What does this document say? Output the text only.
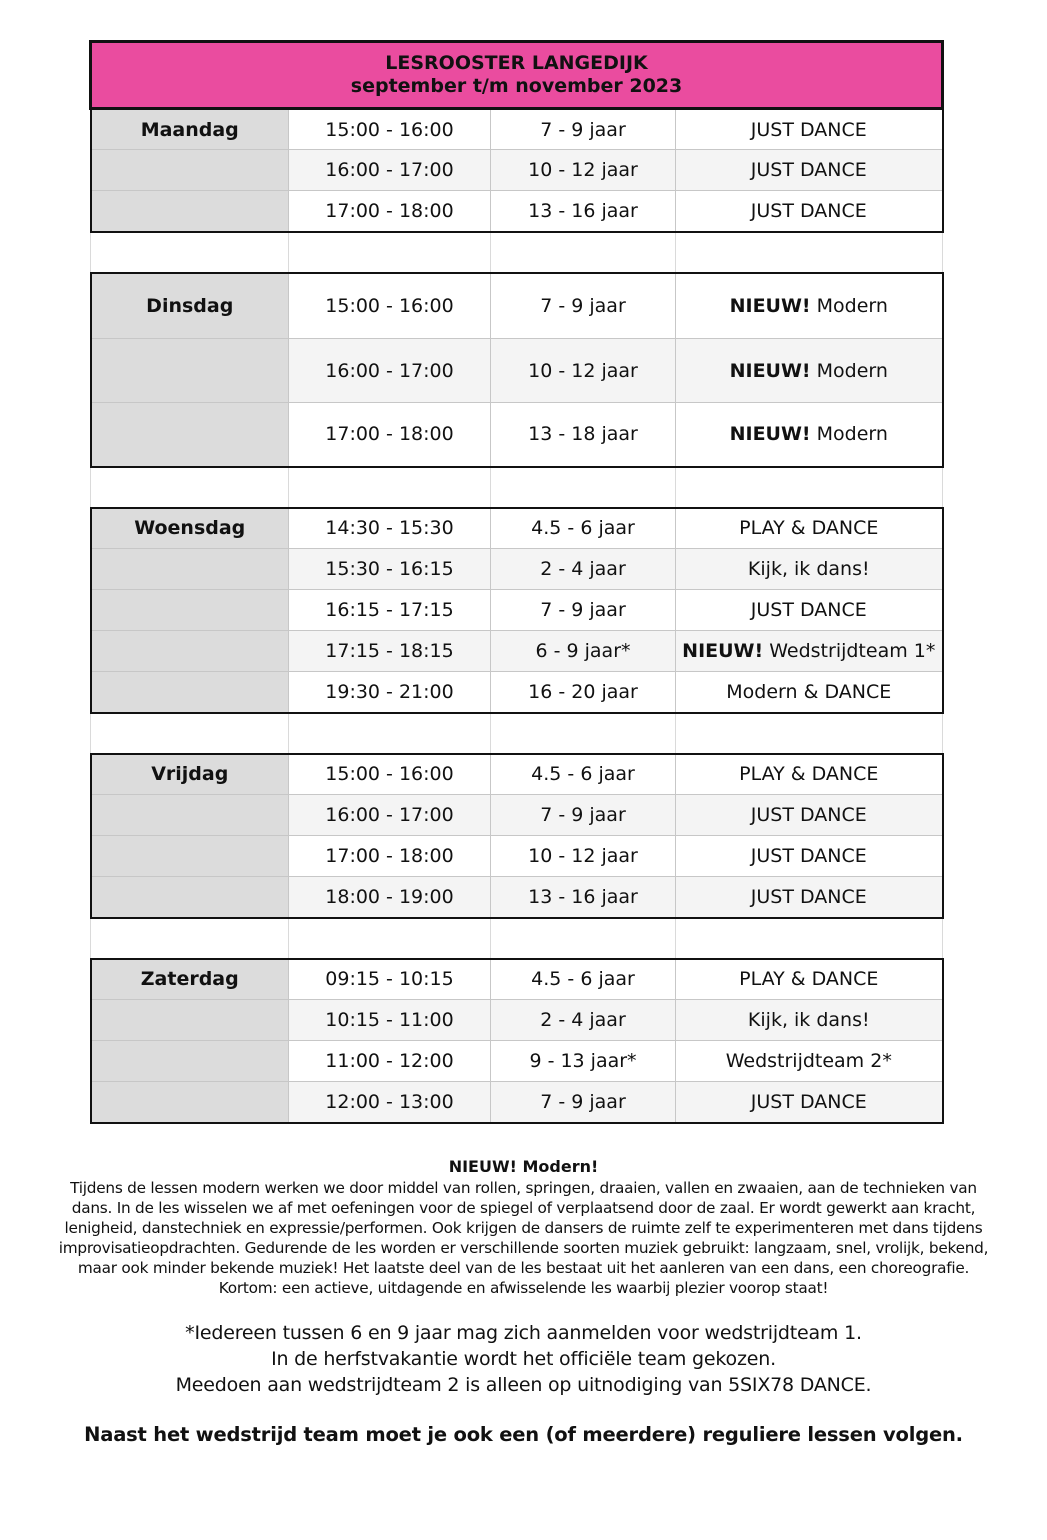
LESROOSTER LANGEDIJK
september t/m november 2023			

Maandag	15:00 - 16:00	7 - 9 jaar	JUST DANCE
	16:00 - 17:00	10 - 12 jaar	JUST DANCE
	17:00 - 18:00	13 - 16 jaar	JUST DANCE

Dinsdag	15:00 - 16:00	7 - 9 jaar	NIEUW! Modern
	16:00 - 17:00	10 - 12 jaar	NIEUW! Modern
	17:00 - 18:00	13 - 18 jaar	NIEUW! Modern

Woensdag	14:30 - 15:30	4.5 - 6 jaar	PLAY & DANCE
	15:30 - 16:15	2 - 4 jaar	Kijk, ik dans!
	16:15 - 17:15	7 - 9 jaar	JUST DANCE
	17:15 - 18:15	6 - 9 jaar*	NIEUW! Wedstrijdteam 1*
	19:30 - 21:00	16 - 20 jaar	Modern & DANCE

Vrijdag	15:00 - 16:00	4.5 - 6 jaar	PLAY & DANCE
	16:00 - 17:00	7 - 9 jaar	JUST DANCE
	17:00 - 18:00	10 - 12 jaar	JUST DANCE
	18:00 - 19:00	13 - 16 jaar	JUST DANCE

Zaterdag	09:15 - 10:15	4.5 - 6 jaar	PLAY & DANCE
	10:15 - 11:00	2 - 4 jaar	Kijk, ik dans!
	11:00 - 12:00	9 - 13 jaar*	Wedstrijdteam 2*
	12:00 - 13:00	7 - 9 jaar	JUST DANCE
NIEUW! Modern!
Tijdens de lessen modern werken we door middel van rollen, springen, draaien, vallen en zwaaien, aan de technieken van dans. In de les wisselen we af met oefeningen voor de spiegel of verplaatsend door de zaal. Er wordt gewerkt aan kracht, lenigheid, danstechniek en expressie/performen. Ook krijgen de dansers de ruimte zelf te experimenteren met dans tijdens improvisatieopdrachten. Gedurende de les worden er verschillende soorten muziek gebruikt: langzaam, snel, vrolijk, bekend, maar ook minder bekende muziek! Het laatste deel van de les bestaat uit het aanleren van een dans, een choreografie. Kortom: een actieve, uitdagende en afwisselende les waarbij plezier voorop staat!
*Iedereen tussen 6 en 9 jaar mag zich aanmelden voor wedstrijdteam 1.
In de herfstvakantie wordt het officiële team gekozen.
Meedoen aan wedstrijdteam 2 is alleen op uitnodiging van 5SIX78 DANCE.
Naast het wedstrijd team moet je ook een (of meerdere) reguliere lessen volgen.
